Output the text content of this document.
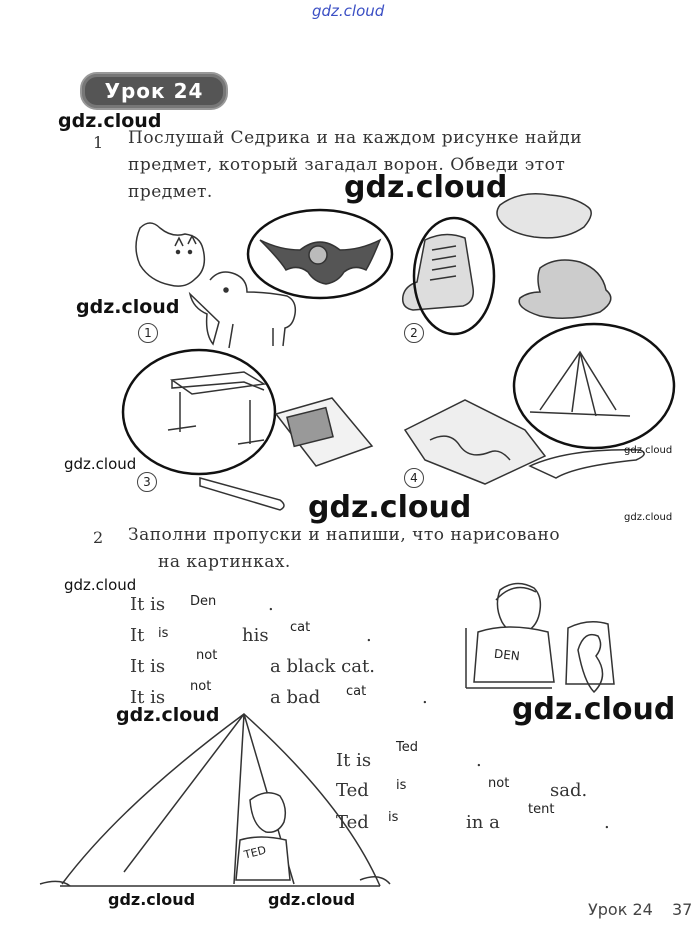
gdz.cloud
Урок 24
1 Послушай Седрика и на каждом рисунке найди
предмет, который загадал ворон. Обведи этот
предмет.
1	2
3	4
2 Заполни пропуски и напиши, что нарисовано
на картинках.
It is Den	.
It is	his cat	.
It is
not
a black cat.
It is
not
a bad cat	.
DEN
TED
It is
Ted
.
Ted is	not sad.
Ted is	in a
tent
.
Урок 24 37
gdz.cloud
gdz.cloud
gdz.cloud
gdz.cloud
gdz.cloud
gdz.cloud	gdz.cloud
gdz.cloud
gdz.cloud	gdz.cloud
gdz.cloud	gdz.cloud
